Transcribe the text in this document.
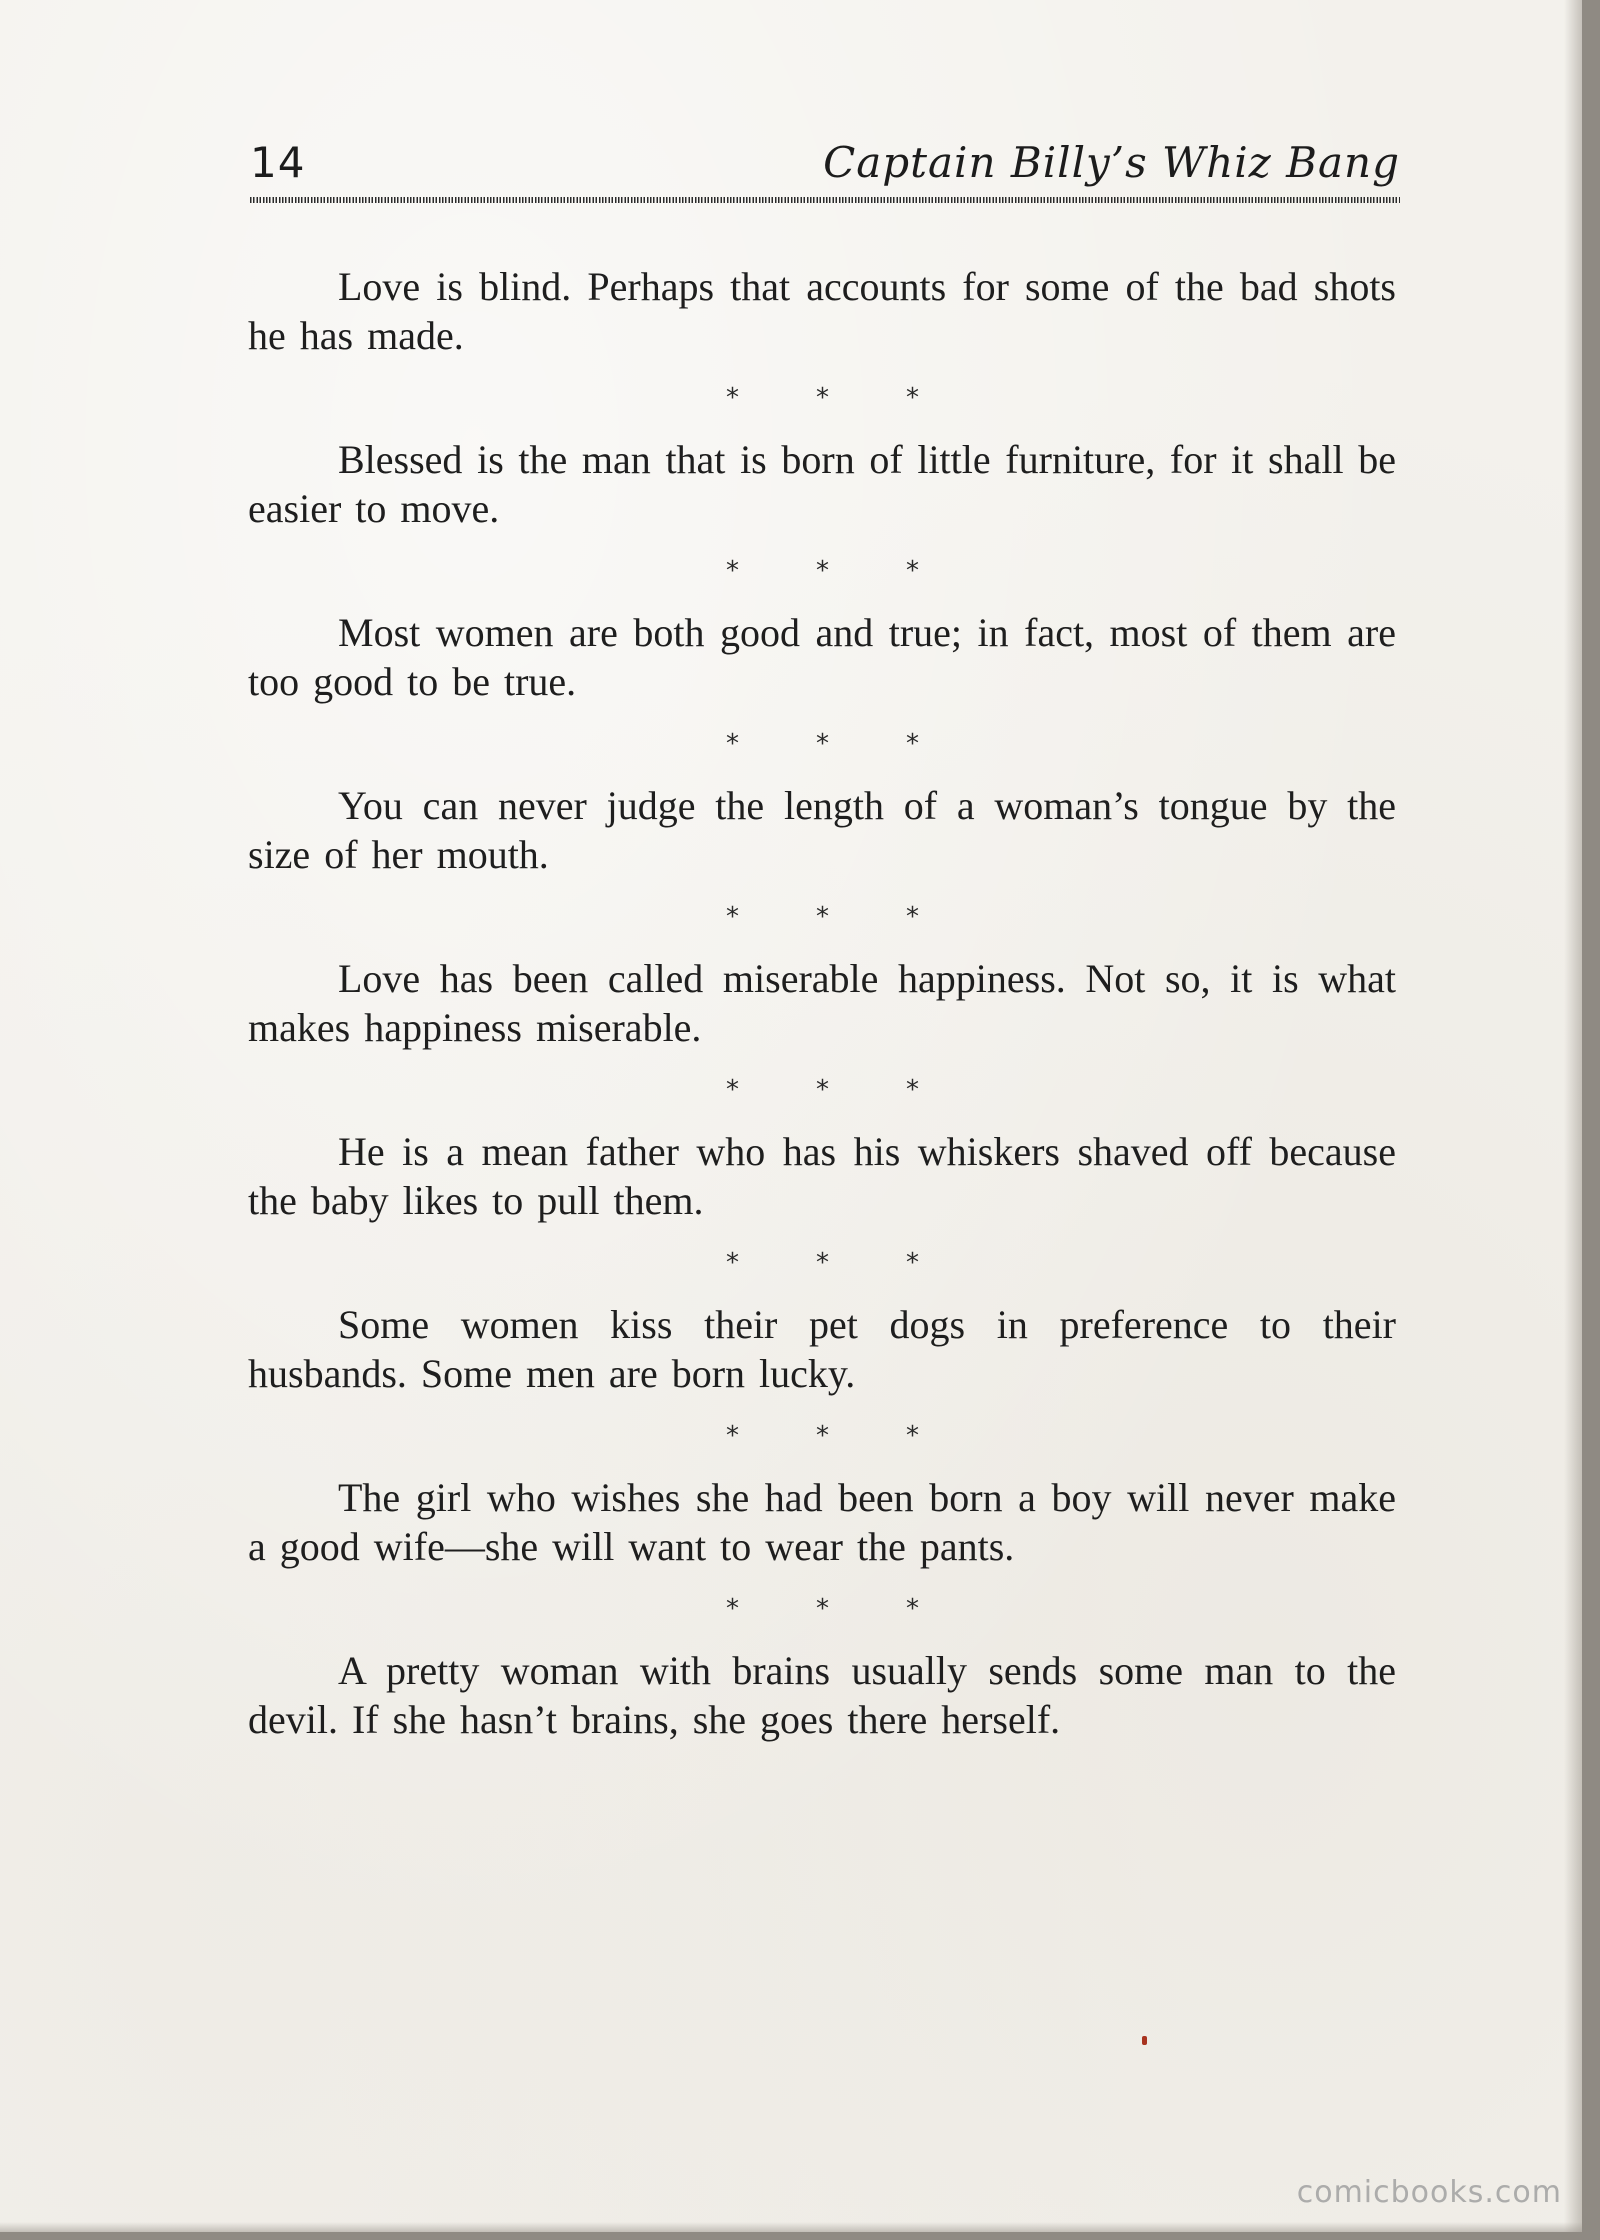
14	Captain Billy’s Whiz Bang

Love is blind. Perhaps that accounts for some of the bad shots he has made.

*	*	*

Blessed is the man that is born of little furniture, for it shall be easier to move.

*	*	*

Most women are both good and true; in fact, most of them are too good to be true.

*	*	*

You can never judge the length of a woman’s tongue by the size of her mouth.

*	*	*

Love has been called miserable happiness. Not so, it is what makes happiness miserable.

*	*	*

He is a mean father who has his whiskers shaved off because the baby likes to pull them.

*	*	*

Some women kiss their pet dogs in preference to their husbands. Some men are born lucky.

*	*	*

The girl who wishes she had been born a boy will never make a good wife—she will want to wear the pants.

*	*	*

A pretty woman with brains usually sends some man to the devil. If she hasn’t brains, she goes there herself.

comicbooks.com
